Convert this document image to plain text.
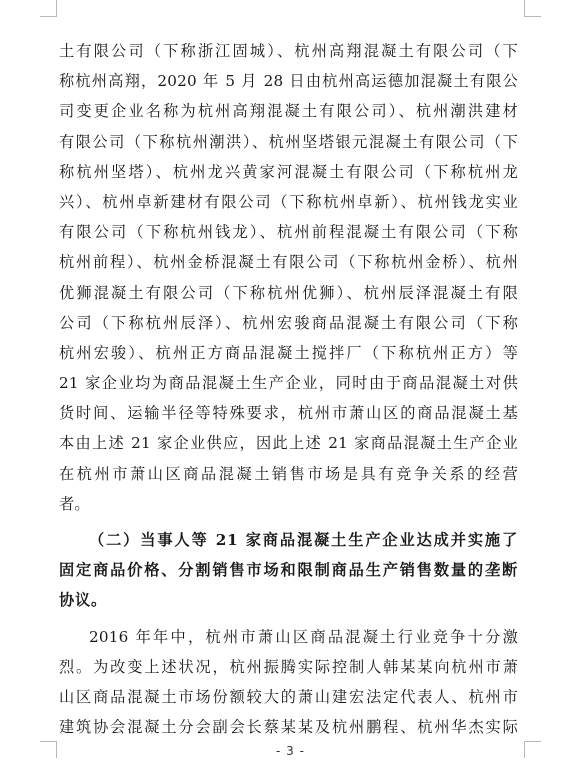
土有限公司（下称浙江固城）、杭州高翔混凝土有限公司（下
称杭州高翔，2020 年 5 月 28 日由杭州高运德加混凝土有限公
司变更企业名称为杭州高翔混凝土有限公司）、杭州潮洪建材
有限公司（下称杭州潮洪）、杭州坚塔银元混凝土有限公司（下
称杭州坚塔）、杭州龙兴黄家河混凝土有限公司（下称杭州龙
兴）、杭州卓新建材有限公司（下称杭州卓新）、杭州钱龙实业
有限公司（下称杭州钱龙）、杭州前程混凝土有限公司（下称
杭州前程）、杭州金桥混凝土有限公司（下称杭州金桥）、杭州
优狮混凝土有限公司（下称杭州优狮）、杭州辰泽混凝土有限
公司（下称杭州辰泽）、杭州宏骏商品混凝土有限公司（下称
杭州宏骏）、杭州正方商品混凝土搅拌厂（下称杭州正方）等
21 家企业均为商品混凝土生产企业，同时由于商品混凝土对供
货时间、运输半径等特殊要求，杭州市萧山区的商品混凝土基
本由上述 21 家企业供应，因此上述 21 家商品混凝土生产企业
在杭州市萧山区商品混凝土销售市场是具有竞争关系的经营
者。
（二）当事人等 21 家商品混凝土生产企业达成并实施了
固定商品价格、分割销售市场和限制商品生产销售数量的垄断
协议。
2016 年年中，杭州市萧山区商品混凝土行业竞争十分激
烈。为改变上述状况，杭州振腾实际控制人韩某某向杭州市萧
山区商品混凝土市场份额较大的萧山建宏法定代表人、杭州市
建筑协会混凝土分会副会长蔡某某及杭州鹏程、杭州华杰实际
- 3 -
